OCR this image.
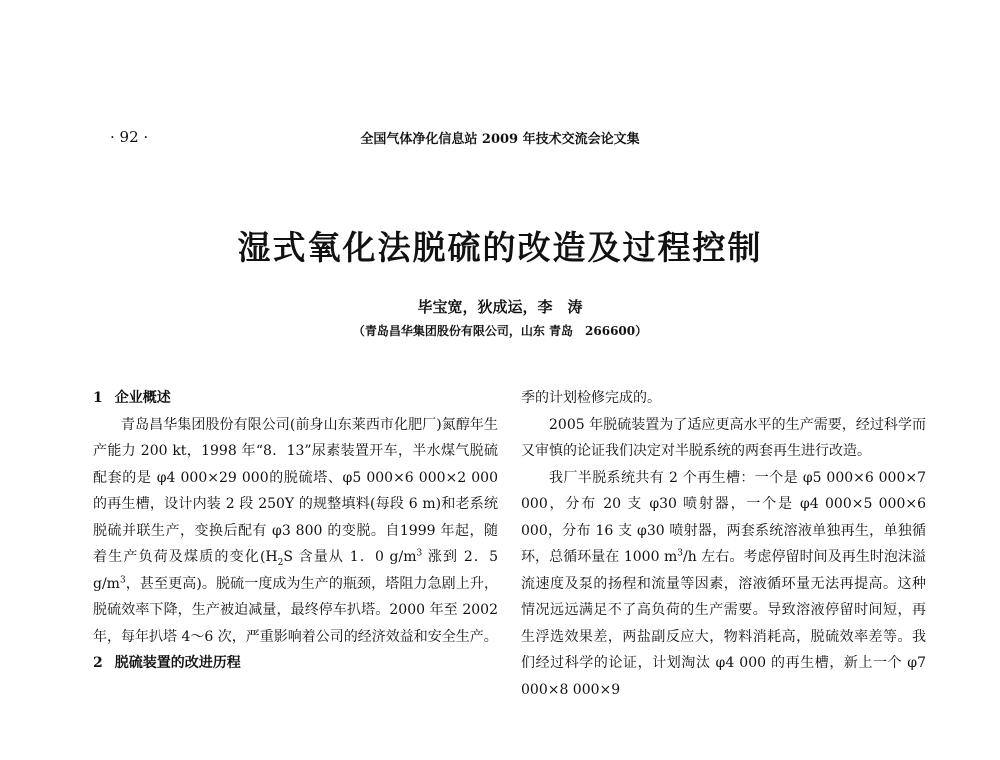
· 92 ·	全国气体净化信息站 2009 年技术交流会论文集
湿式氧化法脱硫的改造及过程控制
毕宝宽，狄成运，李　涛
（青岛昌华集团股份有限公司，山东 青岛　266600）
1 企业概述

青岛昌华集团股份有限公司(前身山东莱西市化肥厂)氮醇年生产能力 200 kt，1998 年“8．13”尿素装置开车，半水煤气脱硫配套的是 φ4 000×29 000的脱硫塔、φ5 000×6 000×2 000 的再生槽，设计内装 2 段 250Y 的规整填料(每段 6 m)和老系统脱硫并联生产，变换后配有 φ3 800 的变脱。自1999 年起，随着生产负荷及煤质的变化($H_2S$ 含量从 1．0 $g/m^3$ 涨到 2．5 $g/m^3$，甚至更高)。脱硫一度成为生产的瓶颈，塔阻力急剧上升，脱硫效率下降，生产被迫减量，最终停车扒塔。2000 年至 2002 年，每年扒塔 4～6 次，严重影响着公司的经济效益和安全生产。

2 脱硫装置的改进历程

季的计划检修完成的。

2005 年脱硫装置为了适应更高水平的生产需要，经过科学而又审慎的论证我们决定对半脱系统的两套再生进行改造。

我厂半脱系统共有 2 个再生槽：一个是 φ5 000×6 000×7 000，分布 20 支 φ30 喷射器，一个是 φ4 000×5 000×6 000，分布 16 支 φ30 喷射器，两套系统溶液单独再生，单独循环，总循环量在 1000 $m^3/h$ 左右。考虑停留时间及再生时泡沫溢流速度及泵的扬程和流量等因素，溶液循环量无法再提高。这种情况远远满足不了高负荷的生产需要。导致溶液停留时间短，再生浮选效果差，两盐副反应大，物料消耗高，脱硫效率差等。我们经过科学的论证，计划淘汰 φ4 000 的再生槽，新上一个 φ7 000×8 000×9
